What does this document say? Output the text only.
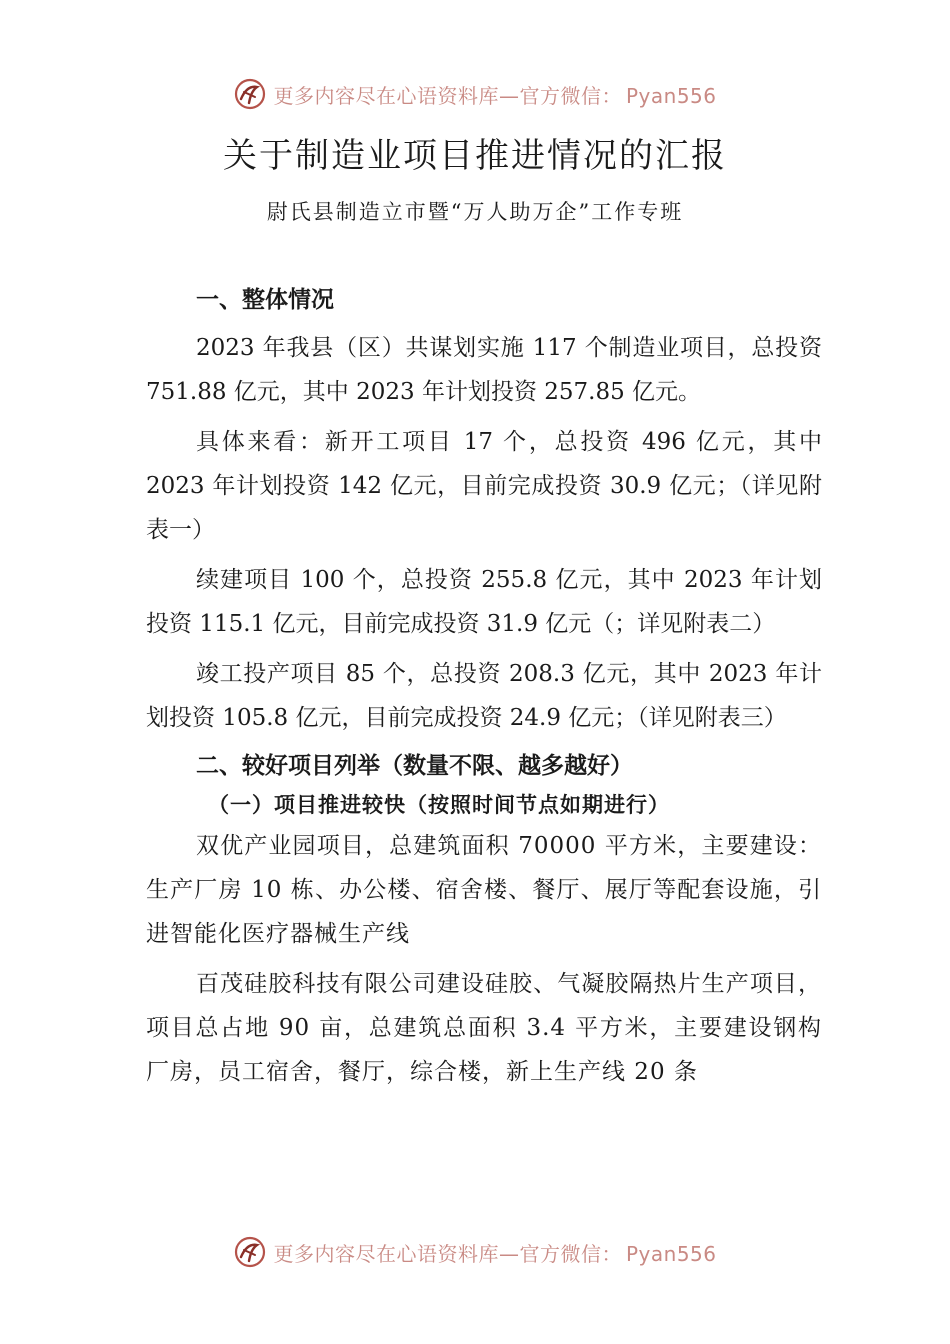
更多内容尽在心语资料库—官方微信： Pyan556
关于制造业项目推进情况的汇报

尉氏县制造立市暨“万人助万企”工作专班

一、整体情况

2023 年我县（区）共谋划实施 117 个制造业项目，总投资 751.88 亿元，其中 2023 年计划投资 257.85 亿元。

具体来看：新开工项目 17 个，总投资 496 亿元，其中 2023 年计划投资 142 亿元，目前完成投资 30.9 亿元；（详见附表一）

续建项目 100 个，总投资 255.8 亿元，其中 2023 年计划投资 115.1 亿元，目前完成投资 31.9 亿元（；详见附表二）

竣工投产项目 85 个，总投资 208.3 亿元，其中 2023 年计划投资 105.8 亿元，目前完成投资 24.9 亿元；（详见附表三）

二、较好项目列举（数量不限、越多越好）
（一）项目推进较快（按照时间节点如期进行）

双优产业园项目，总建筑面积 70000 平方米，主要建设：生产厂房 10 栋、办公楼、宿舍楼、餐厅、展厅等配套设施，引进智能化医疗器械生产线

百茂硅胶科技有限公司建设硅胶、气凝胶隔热片生产项目，项目总占地 90 亩，总建筑总面积 3.4 平方米，主要建设钢构厂房，员工宿舍，餐厅，综合楼，新上生产线 20 条

更多内容尽在心语资料库—官方微信： Pyan556
